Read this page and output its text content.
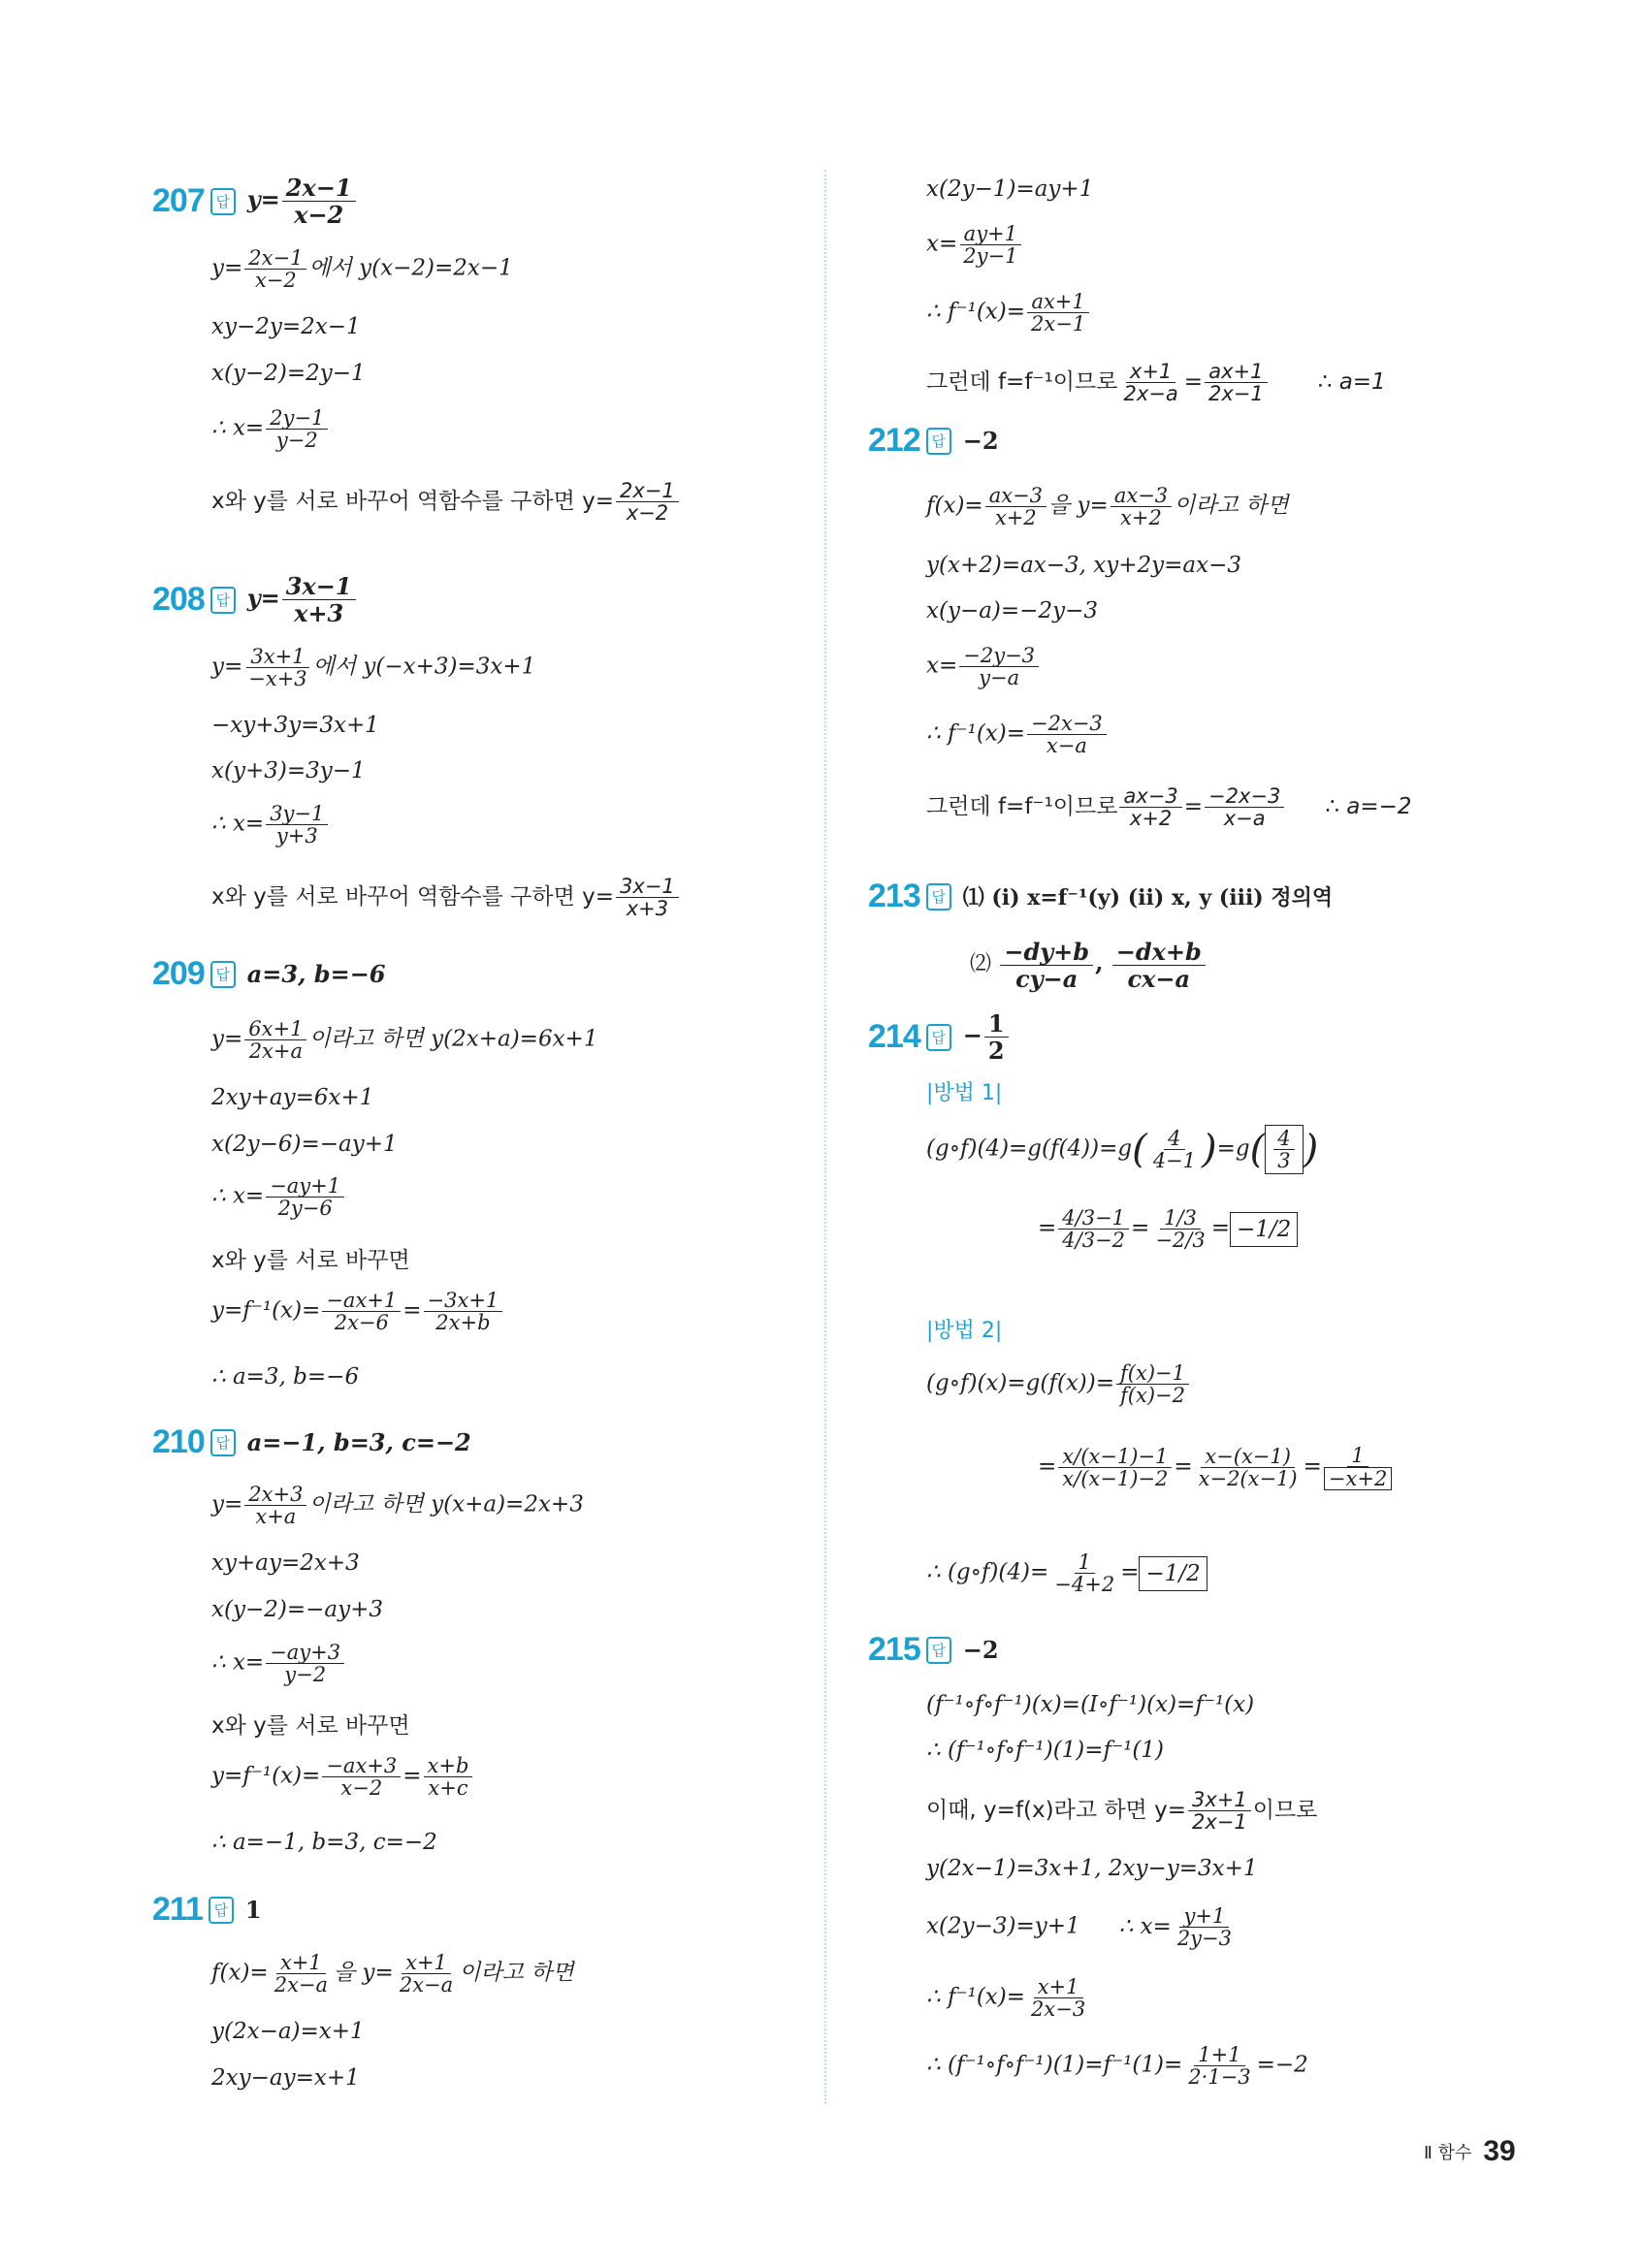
207 답 $y= \frac{2x-1}{x-2}$
$y= \frac{2x-1}{x-2}$ 에서 y(x−2)=2x−1
xy−2y=2x−1
x(y−2)=2y−1
∴ $x= \frac{2y-1}{y-2}$
x와 y를 서로 바꾸어 역함수를 구하면 $y= \frac{2x-1}{x-2}$
208 답 $y= \frac{3x-1}{x+3}$
$y= \frac{3x+1}{-x+3}$ 에서 y(−x+3)=3x+1
−xy+3y=3x+1
x(y+3)=3y−1
∴ $x= \frac{3y-1}{y+3}$
x와 y를 서로 바꾸어 역함수를 구하면 $y= \frac{3x-1}{x+3}$
209 답 a=3, b=−6
$y= \frac{6x+1}{2x+a}$ 이라고 하면 y(2x+a)=6x+1
2xy+ay=6x+1
x(2y−6)=−ay+1
∴ $x= \frac{-ay+1}{2y-6}$
x와 y를 서로 바꾸면
$y=f^{-1}(x)= \frac{-ax+1}{2x-6} = \frac{-3x+1}{2x+b}$
∴ a=3, b=−6
210 답 a=−1, b=3, c=−2
$y= \frac{2x+3}{x+a}$ 이라고 하면 y(x+a)=2x+3
xy+ay=2x+3
x(y−2)=−ay+3
∴ $x= \frac{-ay+3}{y-2}$
x와 y를 서로 바꾸면
$y=f^{-1}(x)= \frac{-ax+3}{x-2} = \frac{x+b}{x+c}$
∴ a=−1, b=3, c=−2
211 답 1
$f(x)= \frac{x+1}{2x-a}$ 을 $y= \frac{x+1}{2x-a}$ 이라고 하면
y(2x−a)=x+1
2xy−ay=x+1
x(2y−1)=ay+1
$x= \frac{ay+1}{2y-1}$
∴ $f^{-1}(x)= \frac{ax+1}{2x-1}$
그런데 f=f⁻¹이므로 $\frac{x+1}{2x-a} = \frac{ax+1}{2x-1}$ ∴ a=1
212 답 −2
$f(x)= \frac{ax-3}{x+2}$ 을 $y= \frac{ax-3}{x+2}$ 이라고 하면
y(x+2)=ax−3, xy+2y=ax−3
x(y−a)=−2y−3
$x= \frac{-2y-3}{y-a}$
∴ $f^{-1}(x)= \frac{-2x-3}{x-a}$
그런데 f=f⁻¹이므로 $\frac{ax-3}{x+2} = \frac{-2x-3}{x-a}$ ∴ a=−2
213 답 ⑴ (ⅰ) x=f⁻¹(y) (ⅱ) x, y (ⅲ) 정의역
⑵ $\frac{-dy+b}{cy-a}$ , $\frac{-dx+b}{cx-a}$
214 답 − $\frac{1}{2}$
|방법 1|
(g∘f)(4)=g(f(4))=g( $\frac{4}{4-1} )=g( \frac{4}{3}$ )
= $\frac{4/3-1}{4/3-2} = \frac{1/3}{-2/3} = -1/2$
|방법 2|
(g∘f)(x)=g(f(x))= $\frac{f(x)-1}{f(x)-2}$
= $\frac{x/(x-1)-1}{x/(x-1)-2} = \frac{x-(x-1)}{x-2(x-1)} = \frac{1}{-x+2}$
∴ (g∘f)(4)= $\frac{1}{-4+2} = -1/2$
215 답 −2
(f⁻¹∘f∘f⁻¹)(x)=(I∘f⁻¹)(x)=f⁻¹(x)
∴ (f⁻¹∘f∘f⁻¹)(1)=f⁻¹(1)
이때, y=f(x)라고 하면 $y= \frac{3x+1}{2x-1}$ 이므로
y(2x−1)=3x+1, 2xy−y=3x+1
x(2y−3)=y+1 ∴ $x= \frac{y+1}{2y-3}$
∴ $f^{-1}(x)= \frac{x+1}{2x-3}$
∴ (f⁻¹∘f∘f⁻¹)(1)=f⁻¹(1)= $\frac{1+1}{2\cdot 1-3} =-2$
Ⅱ 함수 39
